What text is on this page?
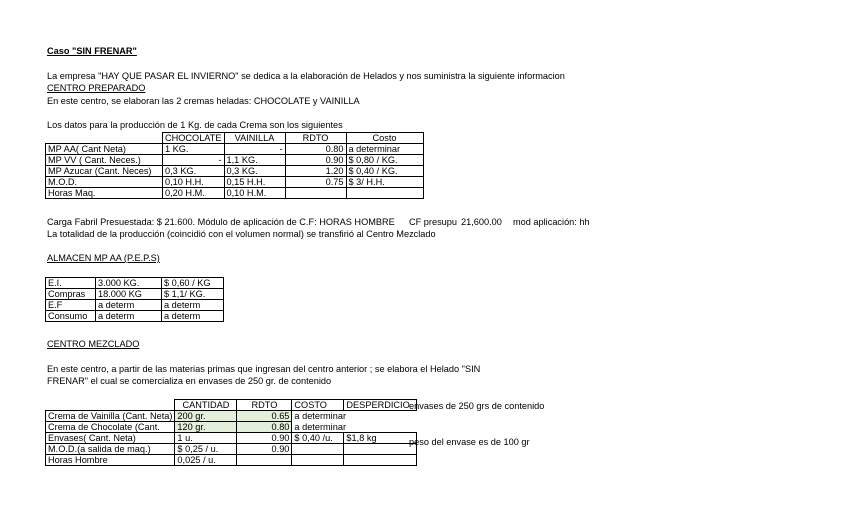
Caso "SIN FRENAR"
La empresa "HAY QUE PASAR EL INVIERNO" se dedica a la elaboración de Helados y nos suministra la siguiente informacion
CENTRO PREPARADO
En este centro, se elaboran las 2 cremas heladas: CHOCOLATE y VAINILLA
Los datos para la producción de 1 Kg. de cada Crema son los siguientes
	CHOCOLATE	VAINILLA	RDTO	Costo
MP AA( Cant Neta)	1 KG.	-	0.80	a determinar
MP VV ( Cant. Neces.)	-	1,1 KG.	0.90	$ 0,80 / KG.
MP Azucar (Cant. Neces)	0,3 KG.	0,3 KG.	1.20	$ 0,40 / KG.
M.O.D.	0,10 H.H.	0,15 H.H.	0.75	$ 3/ H.H.
Horas Maq.	0,20 H.M.	0,10 H.M.		
Carga Fabril Presuestada: $ 21.600. Módulo de aplicación de C.F: HORAS HOMBRE CF presupu 21,600.00 mod aplicación: hh
La totalidad de la producción (coincidió con el volumen normal) se transfirió al Centro Mezclado
ALMACEN MP AA (P.E.P.S)
E.I.	3.000 KG.	$ 0,60 / KG
Compras	18.000 KG	$ 1,1/ KG.
E.F	a determ	a determ
Consumo	a determ	a determ
CENTRO MEZCLADO
En este centro, a partir de las materias primas que ingresan del centro anterior ; se elabora el Helado "SIN
FRENAR" el cual se comercializa en envases de 250 gr. de contenido
	CANTIDAD	RDTO	COSTO	DESPERDICIO
Crema de Vainilla (Cant. Neta)	200 gr.	0.65	a determinar	
Crema de Chocolate (Cant.	120 gr.	0.80	a determinar	
Envases( Cant. Neta)	1 u.	0.90	$ 0,40 /u.	$1,8 kg
M.O.D.(a salida de maq.)	$ 0,25 / u.	0.90		
Horas Hombre	0,025 / u.			
envases de 250 grs de contenido
peso del envase es de 100 gr
